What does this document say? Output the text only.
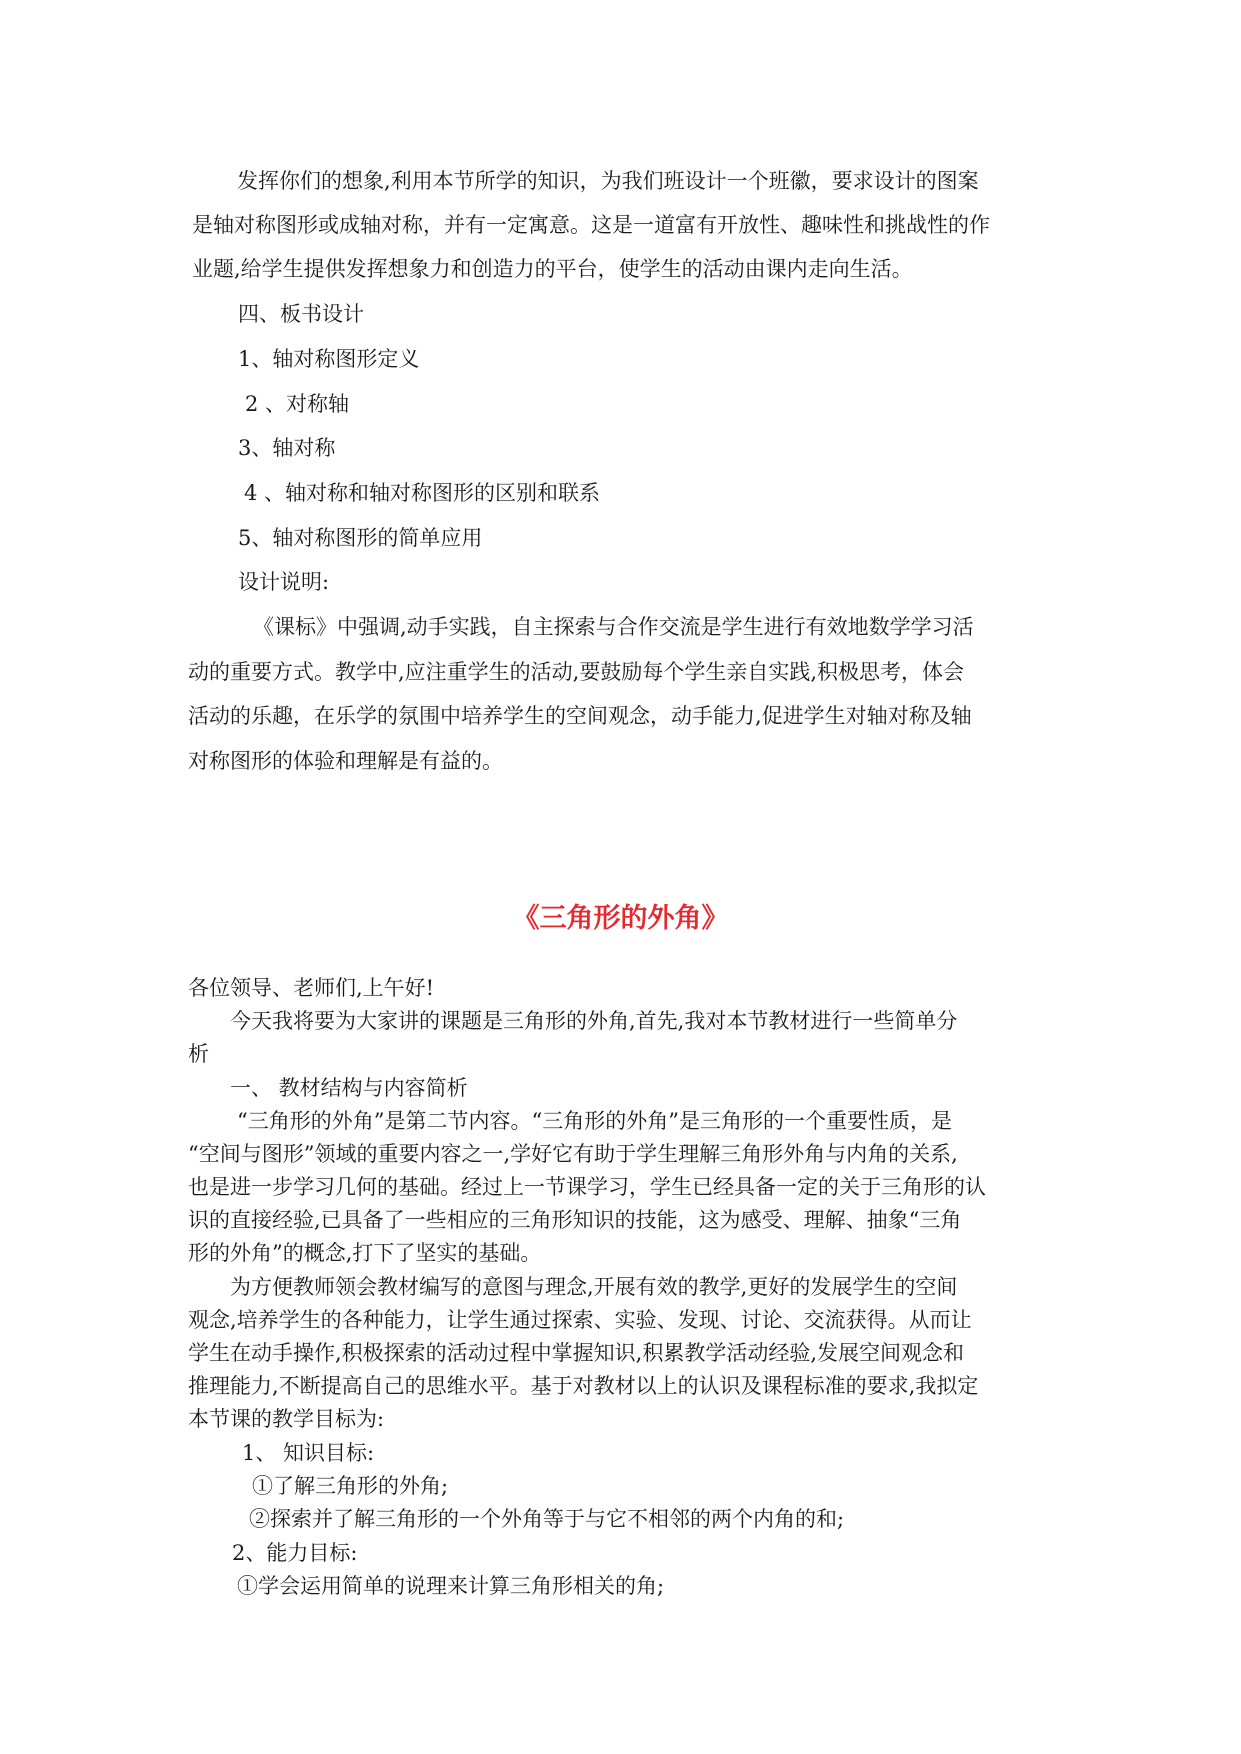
发挥你们的想象,利用本节所学的知识，为我们班设计一个班徽，要求设计的图案
是轴对称图形或成轴对称，并有一定寓意。这是一道富有开放性、趣味性和挑战性的作
业题,给学生提供发挥想象力和创造力的平台，使学生的活动由课内走向生活。
四、板书设计
1、轴对称图形定义
2 、对称轴
3、轴对称
4 、轴对称和轴对称图形的区别和联系
5、轴对称图形的简单应用
设计说明:
《课标》中强调,动手实践，自主探索与合作交流是学生进行有效地数学学习活
动的重要方式。教学中,应注重学生的活动,要鼓励每个学生亲自实践,积极思考，体会
活动的乐趣，在乐学的氛围中培养学生的空间观念，动手能力,促进学生对轴对称及轴
对称图形的体验和理解是有益的。
《三角形的外角》
各位领导、老师们,上午好!
今天我将要为大家讲的课题是三角形的外角,首先,我对本节教材进行一些简单分
析
一、 教材结构与内容简析
“三角形的外角”是第二节内容。“三角形的外角”是三角形的一个重要性质，是
“空间与图形”领域的重要内容之一,学好它有助于学生理解三角形外角与内角的关系,
也是进一步学习几何的基础。经过上一节课学习，学生已经具备一定的关于三角形的认
识的直接经验,已具备了一些相应的三角形知识的技能，这为感受、理解、抽象“三角
形的外角”的概念,打下了坚实的基础。
为方便教师领会教材编写的意图与理念,开展有效的教学,更好的发展学生的空间
观念,培养学生的各种能力，让学生通过探索、实验、发现、讨论、交流获得。从而让
学生在动手操作,积极探索的活动过程中掌握知识,积累教学活动经验,发展空间观念和
推理能力,不断提高自己的思维水平。基于对教材以上的认识及课程标准的要求,我拟定
本节课的教学目标为:
1、 知识目标:
①了解三角形的外角;
②探索并了解三角形的一个外角等于与它不相邻的两个内角的和;
2、能力目标:
①学会运用简单的说理来计算三角形相关的角;
